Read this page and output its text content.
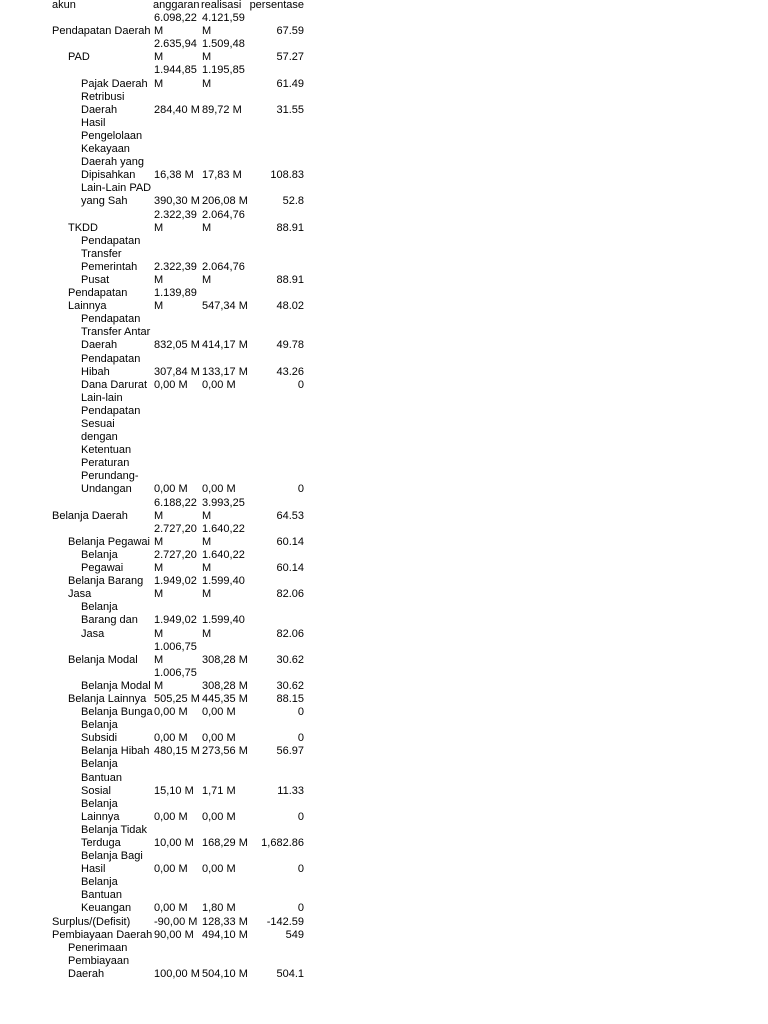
akun	anggaran	realisasi	persentase
Pendapatan Daerah	6.098,22 M	4.121,59 M	67.59
PAD	2.635,94 M	1.509,48 M	57.27
Pajak Daerah	1.944,85 M	1.195,85 M	61.49
Retribusi Daerah	284,40 M	89,72 M	31.55
Hasil Pengelolaan Kekayaan Daerah yang Dipisahkan	16,38 M	17,83 M	108.83
Lain-Lain PAD yang Sah	390,30 M	206,08 M	52.8
TKDD	2.322,39 M	2.064,76 M	88.91
Pendapatan Transfer Pemerintah Pusat	2.322,39 M	2.064,76 M	88.91
Pendapatan Lainnya	1.139,89 M	547,34 M	48.02
Pendapatan Transfer Antar Daerah	832,05 M	414,17 M	49.78
Pendapatan Hibah	307,84 M	133,17 M	43.26
Dana Darurat	0,00 M	0,00 M	0
Lain-lain Pendapatan Sesuai dengan Ketentuan Peraturan Perundang-Undangan	0,00 M	0,00 M	0
Belanja Daerah	6.188,22 M	3.993,25 M	64.53
Belanja Pegawai	2.727,20 M	1.640,22 M	60.14
Belanja Pegawai	2.727,20 M	1.640,22 M	60.14
Belanja Barang Jasa	1.949,02 M	1.599,40 M	82.06
Belanja Barang dan Jasa	1.949,02 M	1.599,40 M	82.06
Belanja Modal	1.006,75 M	308,28 M	30.62
Belanja Modal	1.006,75 M	308,28 M	30.62
Belanja Lainnya	505,25 M	445,35 M	88.15
Belanja Bunga	0,00 M	0,00 M	0
Belanja Subsidi	0,00 M	0,00 M	0
Belanja Hibah	480,15 M	273,56 M	56.97
Belanja Bantuan Sosial	15,10 M	1,71 M	11.33
Belanja Lainnya	0,00 M	0,00 M	0
Belanja Tidak Terduga	10,00 M	168,29 M	1,682.86
Belanja Bagi Hasil	0,00 M	0,00 M	0
Belanja Bantuan Keuangan	0,00 M	1,80 M	0
Surplus/(Defisit)	-90,00 M	128,33 M	-142.59
Pembiayaan Daerah	90,00 M	494,10 M	549
Penerimaan Pembiayaan Daerah	100,00 M	504,10 M	504.1
